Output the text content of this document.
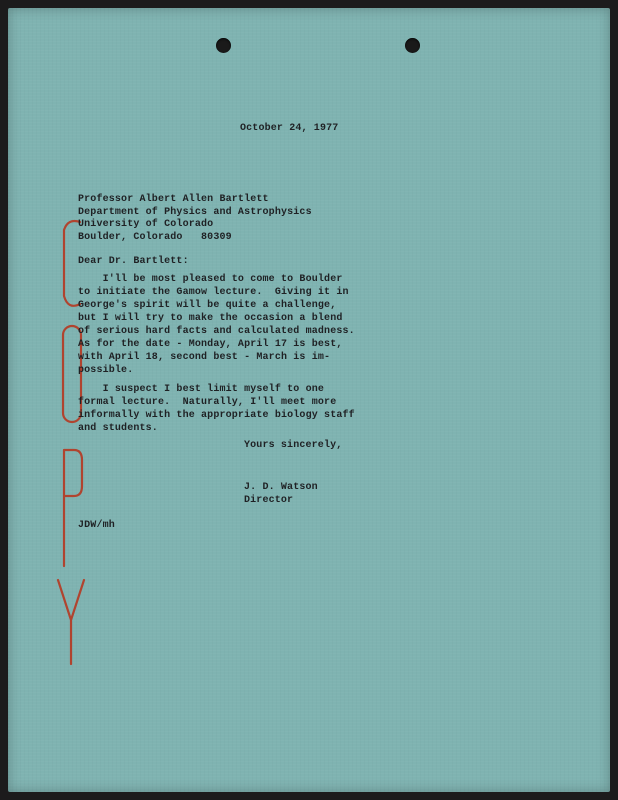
October 24, 1977

Professor Albert Allen Bartlett

Department of Physics and Astrophysics

University of Colorado

Boulder, Colorado   80309

Dear Dr. Bartlett:

I'll be most pleased to come to Boulder

to initiate the Gamow lecture.  Giving it in

George's spirit will be quite a challenge,

but I will try to make the occasion a blend

of serious hard facts and calculated madness.

As for the date - Monday, April 17 is best,

with April 18, second best - March is im-

possible.

I suspect I best limit myself to one

formal lecture.  Naturally, I'll meet more

informally with the appropriate biology staff

and students.

Yours sincerely,

J. D. Watson

Director

JDW/mh
